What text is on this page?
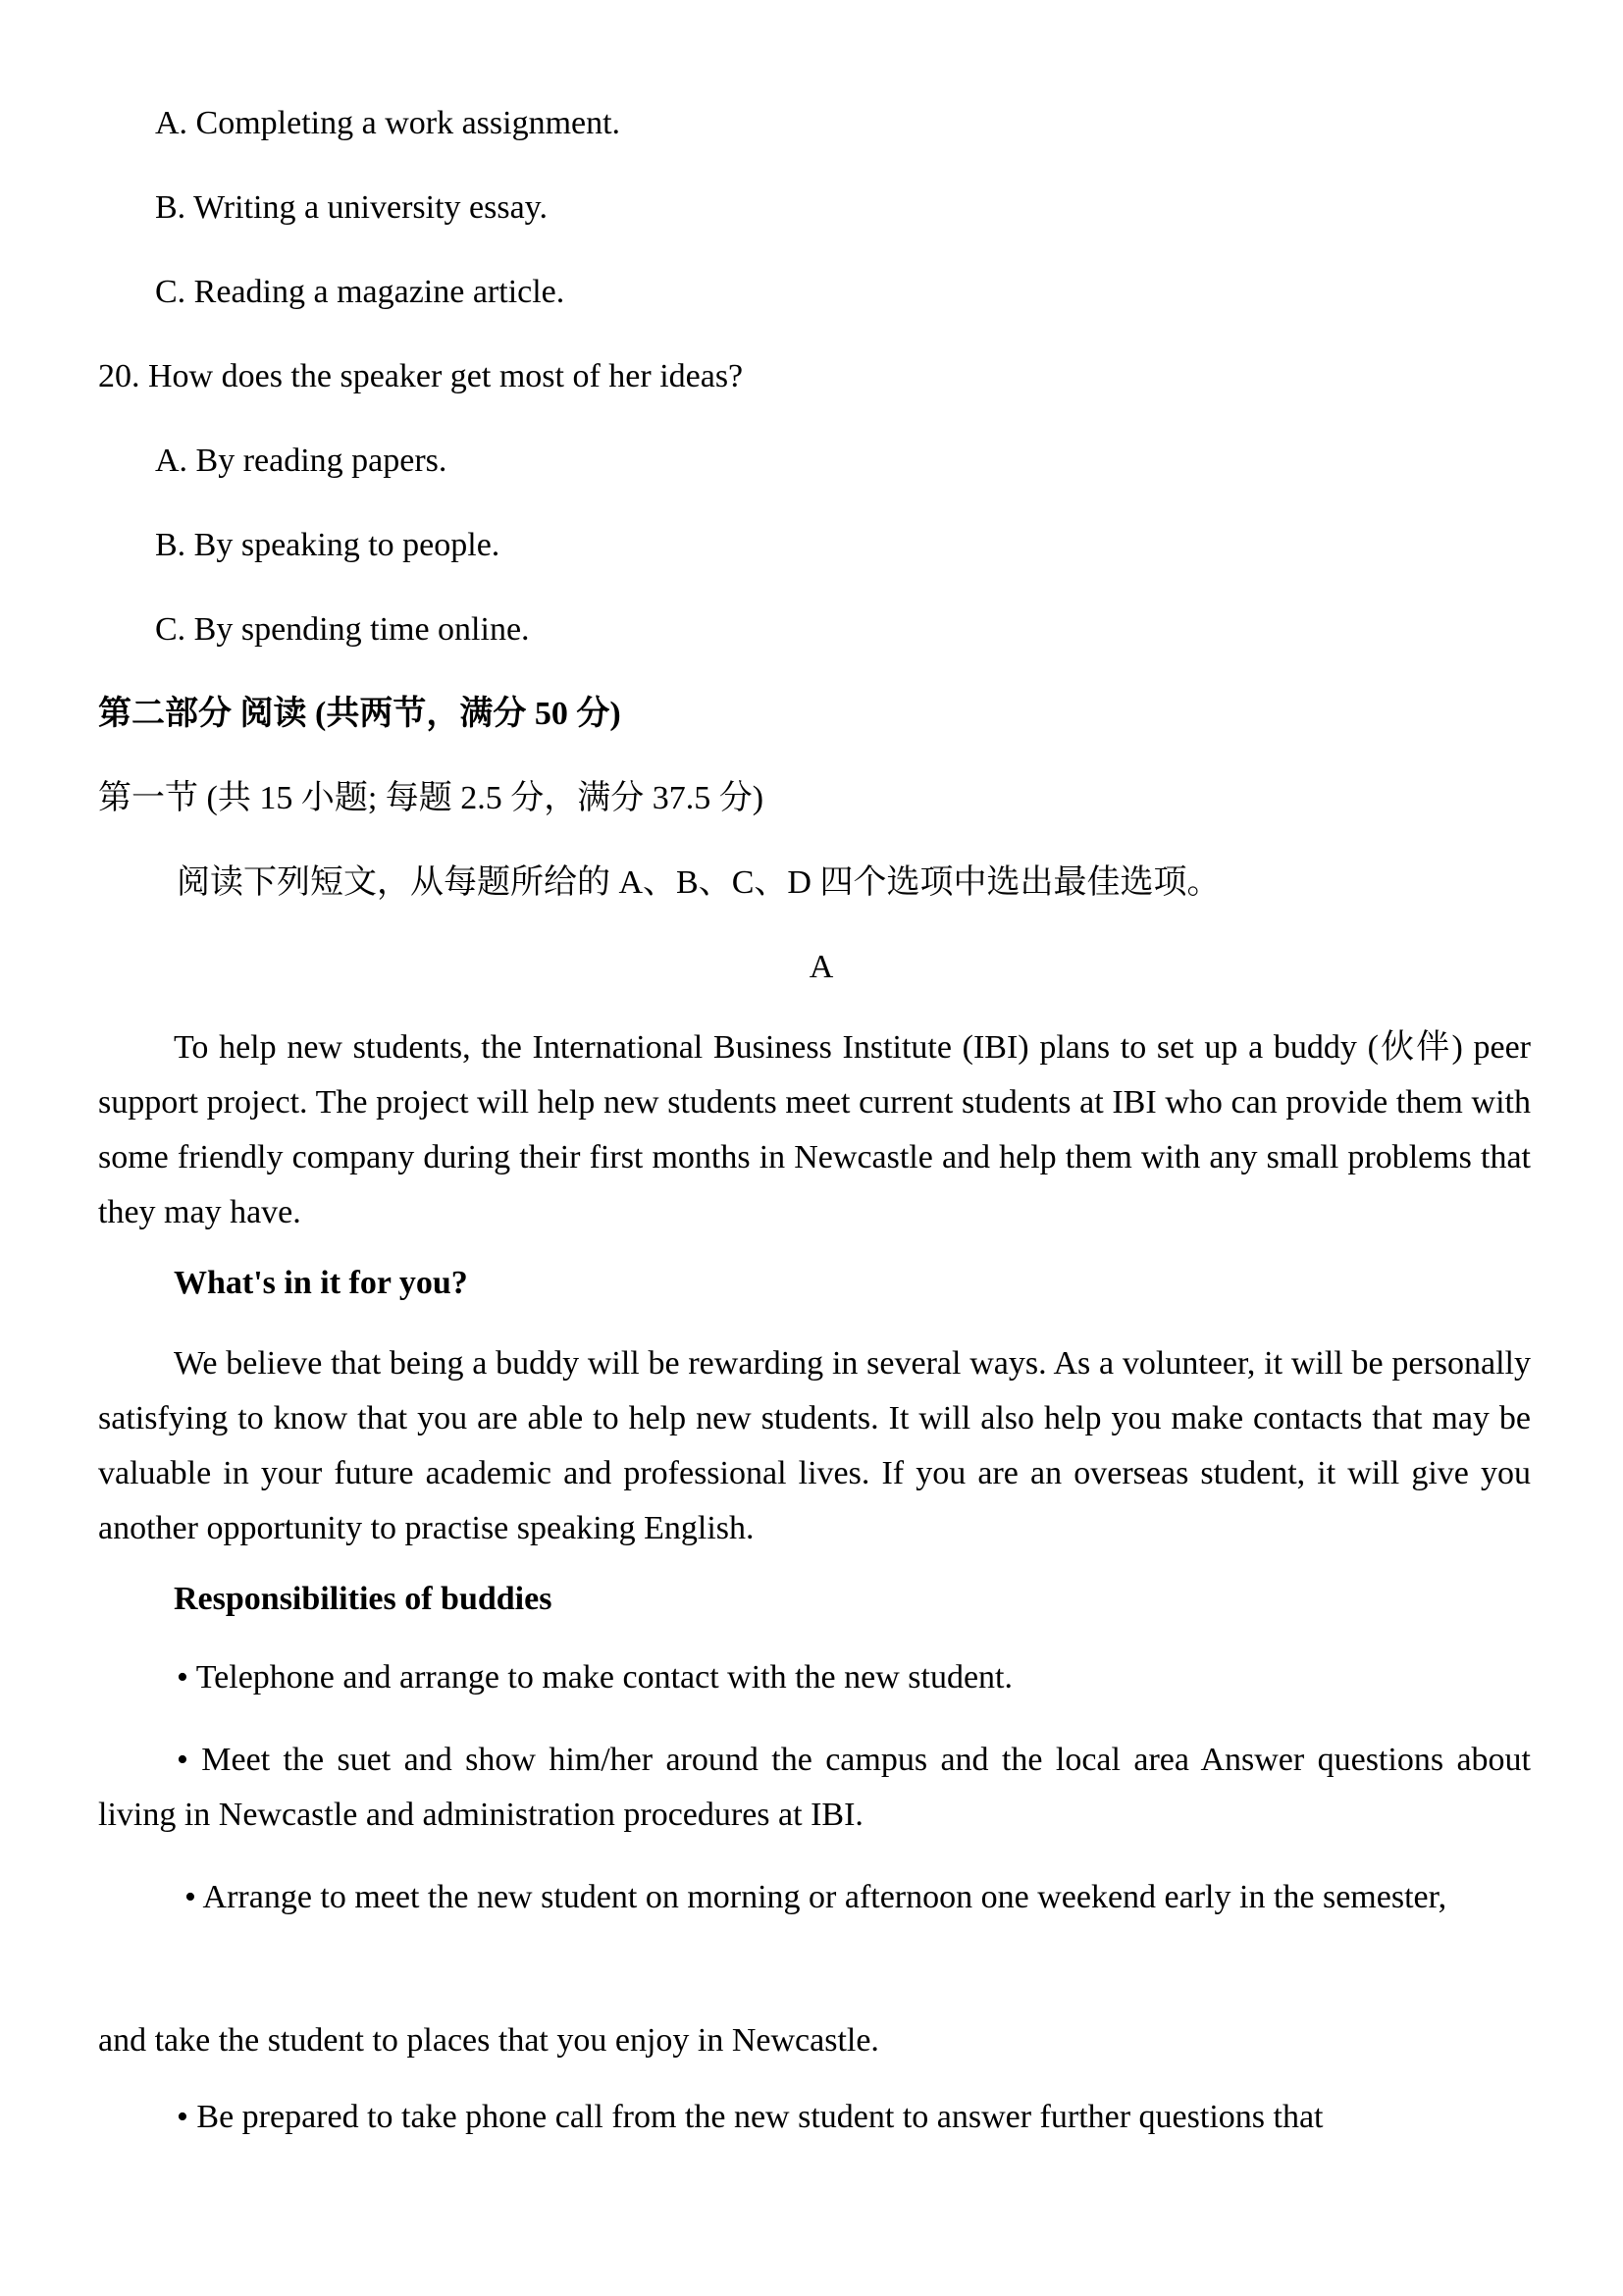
A. Completing a work assignment.
B. Writing a university essay.
C. Reading a magazine article.
20. How does the speaker get most of her ideas?
A. By reading papers.
B. By speaking to people.
C. By spending time online.
第二部分 阅读 (共两节，满分 50 分)
第一节 (共 15 小题; 每题 2.5 分，满分 37.5 分)
阅读下列短文，从每题所给的 A、B、C、D 四个选项中选出最佳选项。
A
To help new students, the International Business Institute (IBI) plans to set up a buddy (伙伴) peer support project. The project will help new students meet current students at IBI who can provide them with some friendly company during their first months in Newcastle and help them with any small problems that they may have.
What's in it for you?
We believe that being a buddy will be rewarding in several ways. As a volunteer, it will be personally satisfying to know that you are able to help new students. It will also help you make contacts that may be valuable in your future academic and professional lives. If you are an overseas student, it will give you another opportunity to practise speaking English.
Responsibilities of buddies
• Telephone and arrange to make contact with the new student.
• Meet the suet and show him/her around the campus and the local area Answer questions about living in Newcastle and administration procedures at IBI.
• Arrange to meet the new student on morning or afternoon one weekend early in the semester,
and take the student to places that you enjoy in Newcastle.
• Be prepared to take phone call from the new student to answer further questions that
